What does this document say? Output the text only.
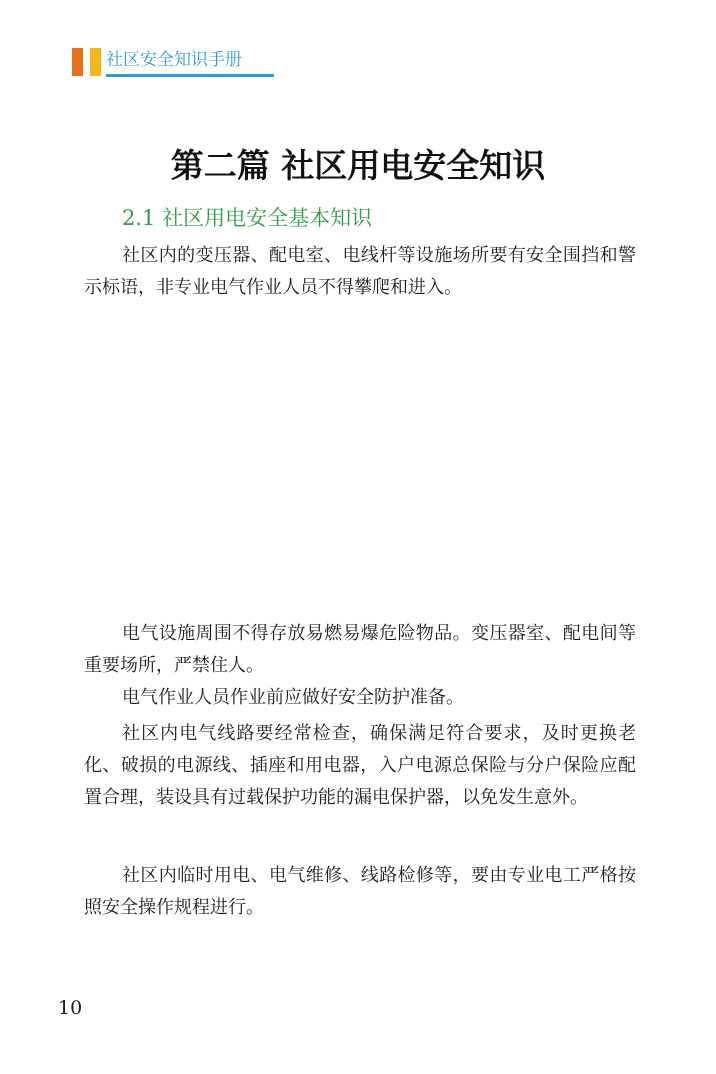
社区安全知识手册
第二篇 社区用电安全知识
2.1 社区用电安全基本知识

社区内的变压器、配电室、电线杆等设施场所要有安全围挡和警示标语，非专业电气作业人员不得攀爬和进入。

电气设施周围不得存放易燃易爆危险物品。变压器室、配电间等重要场所，严禁住人。

电气作业人员作业前应做好安全防护准备。

社区内电气线路要经常检查，确保满足符合要求，及时更换老化、破损的电源线、插座和用电器，入户电源总保险与分户保险应配置合理，装设具有过载保护功能的漏电保护器，以免发生意外。

社区内临时用电、电气维修、线路检修等，要由专业电工严格按照安全操作规程进行。

10
